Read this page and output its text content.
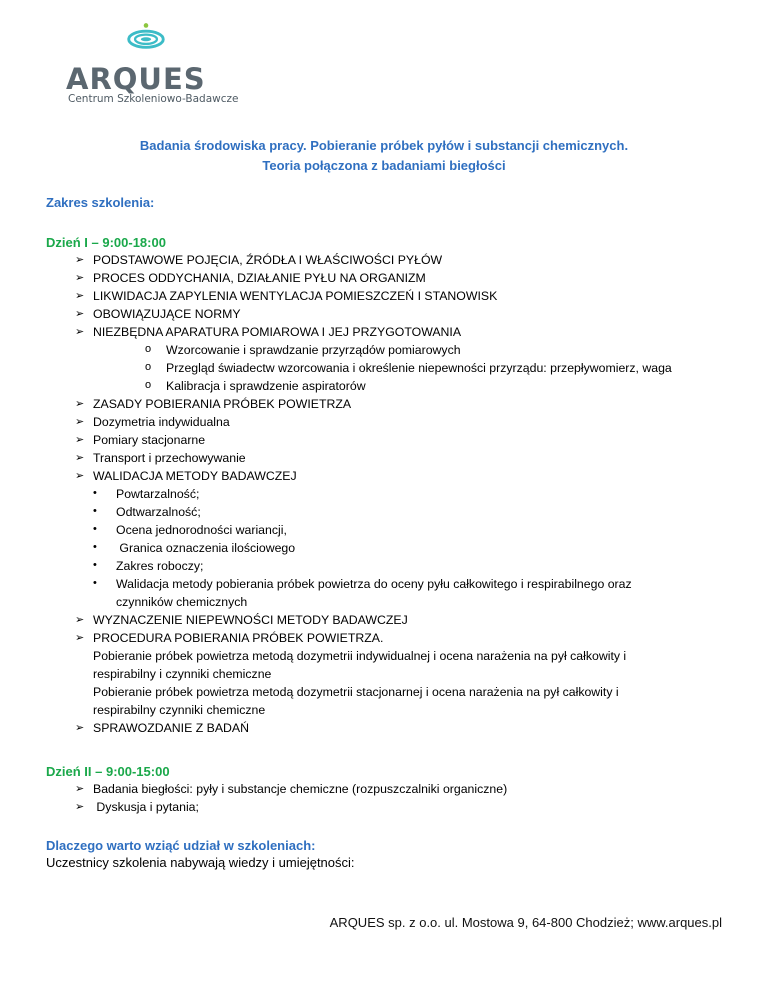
ARQUES
Centrum Szkoleniowo-Badawcze
Badania środowiska pracy. Pobieranie próbek pyłów i substancji chemicznych.
Teoria połączona z badaniami biegłości
Zakres szkolenia:
Dzień I – 9:00-18:00
➢ PODSTAWOWE POJĘCIA, ŹRÓDŁA I WŁAŚCIWOŚCI PYŁÓW
➢ PROCES ODDYCHANIA, DZIAŁANIE PYŁU NA ORGANIZM
➢ LIKWIDACJA ZAPYLENIA WENTYLACJA POMIESZCZEŃ I STANOWISK
➢ OBOWIĄZUJĄCE NORMY
➢ NIEZBĘDNA APARATURA POMIAROWA I JEJ PRZYGOTOWANIA
o Wzorcowanie i sprawdzanie przyrządów pomiarowych
o Przegląd świadectw wzorcowania i określenie niepewności przyrządu: przepływomierz, waga
o Kalibracja i sprawdzenie aspiratorów
➢ ZASADY POBIERANIA PRÓBEK POWIETRZA
➢ Dozymetria indywidualna
➢ Pomiary stacjonarne
➢ Transport i przechowywanie
➢ WALIDACJA METODY BADAWCZEJ
• Powtarzalność;
• Odtwarzalność;
• Ocena jednorodności wariancji,
• Granica oznaczenia ilościowego
• Zakres roboczy;
• Walidacja metody pobierania próbek powietrza do oceny pyłu całkowitego i respirabilnego oraz
czynników chemicznych
➢ WYZNACZENIE NIEPEWNOŚCI METODY BADAWCZEJ
➢ PROCEDURA POBIERANIA PRÓBEK POWIETRZA.
Pobieranie próbek powietrza metodą dozymetrii indywidualnej i ocena narażenia na pył całkowity i
respirabilny i czynniki chemiczne
Pobieranie próbek powietrza metodą dozymetrii stacjonarnej i ocena narażenia na pył całkowity i
respirabilny czynniki chemiczne
➢ SPRAWOZDANIE Z BADAŃ
Dzień II – 9:00-15:00
➢ Badania biegłości: pyły i substancje chemiczne (rozpuszczalniki organiczne)
➢ Dyskusja i pytania;
Dlaczego warto wziąć udział w szkoleniach:
Uczestnicy szkolenia nabywają wiedzy i umiejętności:
ARQUES sp. z o.o. ul. Mostowa 9, 64-800 Chodzież; www.arques.pl
